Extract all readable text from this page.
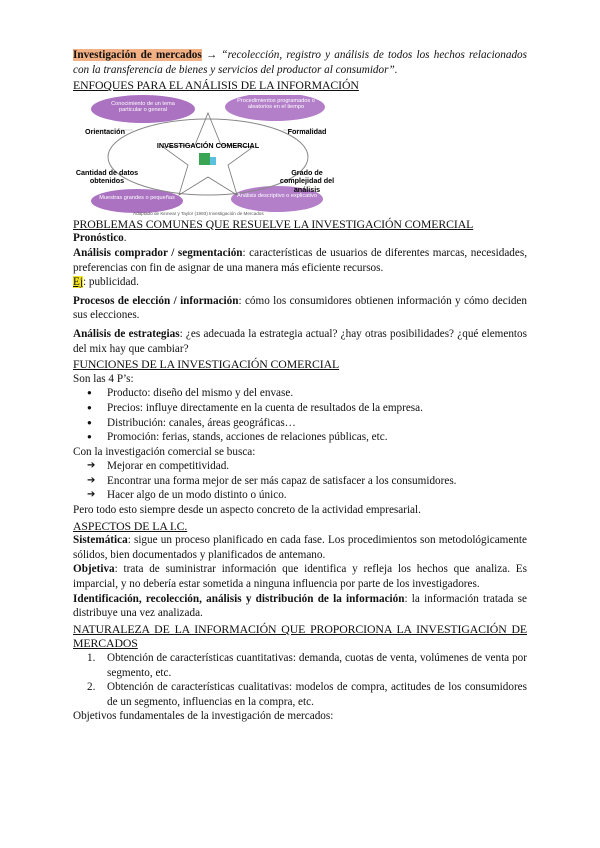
Investigación de mercados → “recolección, registro y análisis de todos los hechos relacionados con la transferencia de bienes y servicios del productor al consumidor”.

ENFOQUES PARA EL ANÁLISIS DE LA INFORMACIÓN

Conocimiento de un tema particular o general
Procedimientos programados o aleatorios en el tiempo
Muestras grandes o pequeñas	Análisis descriptivo o explicativo
Orientación	Formalidad
INVESTIGACIÓN COMERCIAL
Cantidad de datos obtenidos
Grado de complejidad del análisis
Adaptado de Kinnear y Taylor (1993) Investigación de Mercados

PROBLEMAS COMUNES QUE RESUELVE LA INVESTIGACIÓN COMERCIAL

Pronóstico.

Análisis comprador / segmentación: características de usuarios de diferentes marcas, necesidades, preferencias con fin de asignar de una manera más eficiente recursos.

Ej: publicidad.

Procesos de elección / información: cómo los consumidores obtienen información y cómo deciden sus elecciones.

Análisis de estrategias: ¿es adecuada la estrategia actual? ¿hay otras posibilidades? ¿qué elementos del mix hay que cambiar?

FUNCIONES DE LA INVESTIGACIÓN COMERCIAL

Son las 4 P’s:

● Producto: diseño del mismo y del envase.
● Precios: influye directamente en la cuenta de resultados de la empresa.
● Distribución: canales, áreas geográficas…
● Promoción: ferias, stands, acciones de relaciones públicas, etc.

Con la investigación comercial se busca:

➔ Mejorar en competitividad.
➔ Encontrar una forma mejor de ser más capaz de satisfacer a los consumidores.
➔ Hacer algo de un modo distinto o único.

Pero todo esto siempre desde un aspecto concreto de la actividad empresarial.

ASPECTOS DE LA I.C.

Sistemática: sigue un proceso planificado en cada fase. Los procedimientos son metodológicamente sólidos, bien documentados y planificados de antemano.

Objetiva: trata de suministrar información que identifica y refleja los hechos que analiza. Es imparcial, y no debería estar sometida a ninguna influencia por parte de los investigadores.

Identificación, recolección, análisis y distribución de la información: la información tratada se distribuye una vez analizada.

NATURALEZA DE LA INFORMACIÓN QUE PROPORCIONA LA INVESTIGACIÓN DE MERCADOS

1. Obtención de características cuantitativas: demanda, cuotas de venta, volúmenes de venta por segmento, etc.
2. Obtención de características cualitativas: modelos de compra, actitudes de los consumidores de un segmento, influencias en la compra, etc.

Objetivos fundamentales de la investigación de mercados:
